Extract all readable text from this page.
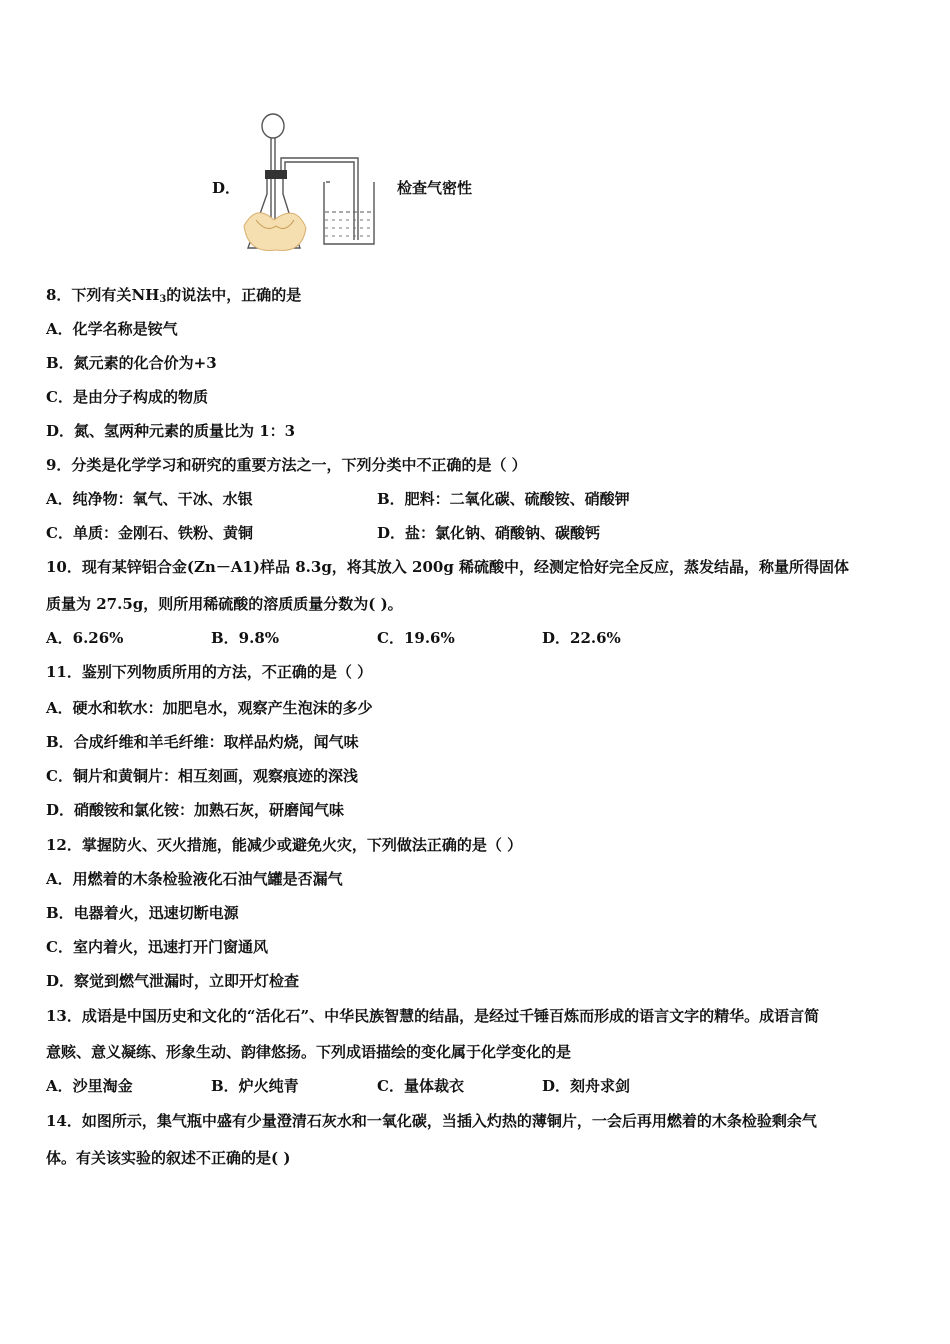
D．	检查气密性
8．下列有关$NH_3$的说法中，正确的是
A．化学名称是铵气
B．氮元素的化合价为+3
C．是由分子构成的物质
D．氮、氢两种元素的质量比为 1：3
9．分类是化学学习和研究的重要方法之一，下列分类中不正确的是（ ）
A．纯净物：氧气、干冰、水银	B．肥料：二氧化碳、硫酸铵、硝酸钾
C．单质：金刚石、铁粉、黄铜	D．盐：氯化钠、硝酸钠、碳酸钙
10．现有某锌铝合金(Zn－A1)样品 8.3g，将其放入 200g 稀硫酸中，经测定恰好完全反应，蒸发结晶，称量所得固体
质量为 27.5g，则所用稀硫酸的溶质质量分数为( )。
A．6.26%	B．9.8%	C．19.6%	D．22.6%
11．鉴别下列物质所用的方法，不正确的是（ ）
A．硬水和软水：加肥皂水，观察产生泡沫的多少
B．合成纤维和羊毛纤维：取样品灼烧，闻气味
C．铜片和黄铜片：相互刻画，观察痕迹的深浅
D．硝酸铵和氯化铵：加熟石灰，研磨闻气味
12．掌握防火、灭火措施，能减少或避免火灾，下列做法正确的是（ ）
A．用燃着的木条检验液化石油气罐是否漏气
B．电器着火，迅速切断电源
C．室内着火，迅速打开门窗通风
D．察觉到燃气泄漏时，立即开灯检查
13．成语是中国历史和文化的“活化石”、中华民族智慧的结晶，是经过千锤百炼而形成的语言文字的精华。成语言简
意赅、意义凝练、形象生动、韵律悠扬。下列成语描绘的变化属于化学变化的是
A．沙里淘金	B．炉火纯青	C．量体裁衣	D．刻舟求剑
14．如图所示，集气瓶中盛有少量澄清石灰水和一氧化碳，当插入灼热的薄铜片，一会后再用燃着的木条检验剩余气
体。有关该实验的叙述不正确的是( )
